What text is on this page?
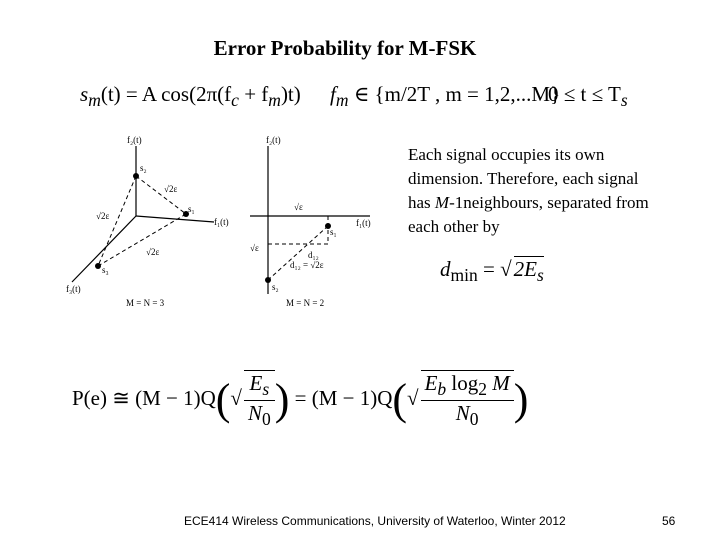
Error Probability for M-FSK
$s_m(t) = A$ $\cos(2\pi(f_c + f_m)t)$ $f_m$ ∈ {m/2T , m = 1,2,...M}
$0 \le t \le T_s$
f₂(t)
f₁(t)
f₃(t)
s₂
s₁
s₃
√2ε
√2ε
√2ε
M = N = 3
f₂(t)
f₁(t)
s₁
s₂
√ε
√ε
d₁₂
d₁₂ = √2ε
M = N = 2
Each signal occupies its own dimension. Therefore, each signal has M-1neighbours, separated from each other by
$d_{min} = √2E_s$
P(e) ≅ $(M - 1)Q(√ \frac{E_s}{N_0}$ ) = $(M - 1)Q(√ \frac{E_b \log_2 M}{N_0}$ )
ECE414 Wireless Communications, University of Waterloo, Winter 2012	56
